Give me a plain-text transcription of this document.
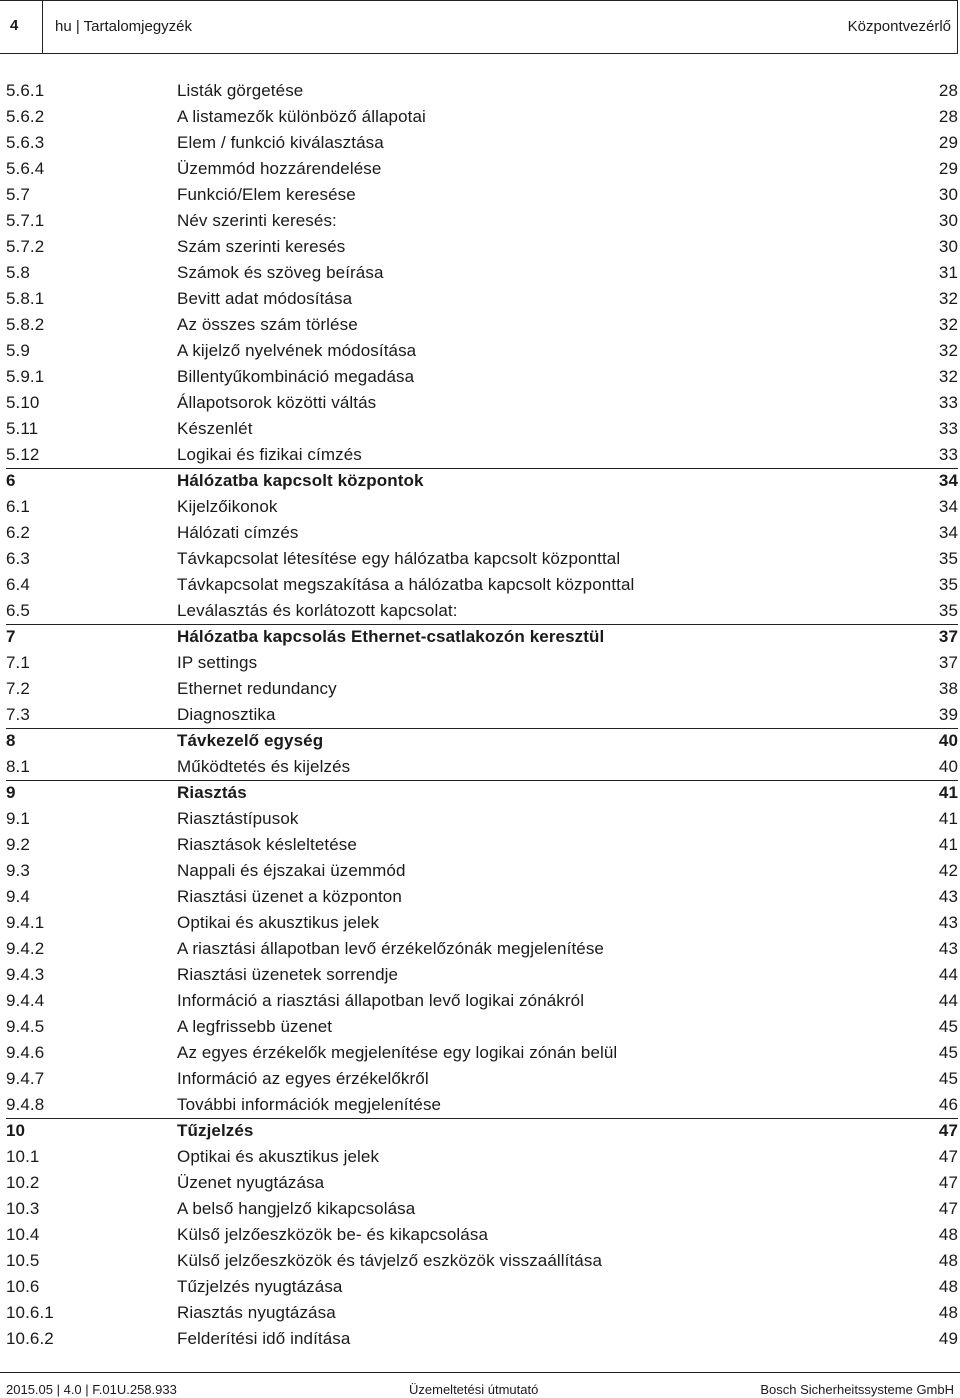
4 hu | Tartalomjegyzék	Központvezérlő
5.6.1	Listák görgetése	28
5.6.2	A listamezők különböző állapotai	28
5.6.3	Elem / funkció kiválasztása	29
5.6.4	Üzemmód hozzárendelése	29
5.7	Funkció/Elem keresése	30
5.7.1	Név szerinti keresés:	30
5.7.2	Szám szerinti keresés	30
5.8	Számok és szöveg beírása	31
5.8.1	Bevitt adat módosítása	32
5.8.2	Az összes szám törlése	32
5.9	A kijelző nyelvének módosítása	32
5.9.1	Billentyűkombináció megadása	32
5.10	Állapotsorok közötti váltás	33
5.11	Készenlét	33
5.12	Logikai és fizikai címzés	33
6	Hálózatba kapcsolt központok	34
6.1	Kijelzőikonok	34
6.2	Hálózati címzés	34
6.3	Távkapcsolat létesítése egy hálózatba kapcsolt központtal	35
6.4	Távkapcsolat megszakítása a hálózatba kapcsolt központtal	35
6.5	Leválasztás és korlátozott kapcsolat:	35
7	Hálózatba kapcsolás Ethernet-csatlakozón keresztül	37
7.1	IP settings	37
7.2	Ethernet redundancy	38
7.3	Diagnosztika	39
8	Távkezelő egység	40
8.1	Működtetés és kijelzés	40
9	Riasztás	41
9.1	Riasztástípusok	41
9.2	Riasztások késleltetése	41
9.3	Nappali és éjszakai üzemmód	42
9.4	Riasztási üzenet a központon	43
9.4.1	Optikai és akusztikus jelek	43
9.4.2	A riasztási állapotban levő érzékelőzónák megjelenítése	43
9.4.3	Riasztási üzenetek sorrendje	44
9.4.4	Információ a riasztási állapotban levő logikai zónákról	44
9.4.5	A legfrissebb üzenet	45
9.4.6	Az egyes érzékelők megjelenítése egy logikai zónán belül	45
9.4.7	Információ az egyes érzékelőkről	45
9.4.8	További információk megjelenítése	46
10	Tűzjelzés	47
10.1	Optikai és akusztikus jelek	47
10.2	Üzenet nyugtázása	47
10.3	A belső hangjelző kikapcsolása	47
10.4	Külső jelzőeszközök be- és kikapcsolása	48
10.5	Külső jelzőeszközök és távjelző eszközök visszaállítása	48
10.6	Tűzjelzés nyugtázása	48
10.6.1	Riasztás nyugtázása	48
10.6.2	Felderítési idő indítása	49
2015.05 | 4.0 | F.01U.258.933	Üzemeltetési útmutató	Bosch Sicherheitssysteme GmbH
